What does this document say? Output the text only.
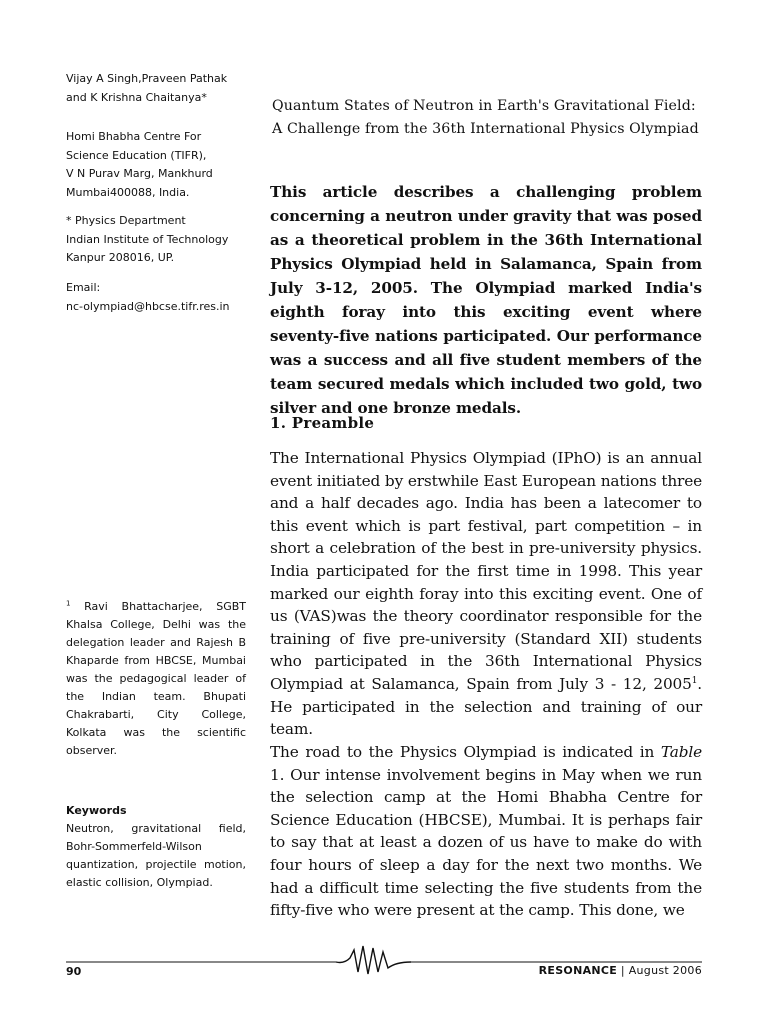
Vijay A Singh,Praveen Pathak

and K Krishna Chaitanya*

Homi Bhabha Centre For

Science Education (TIFR),

V N Purav Marg, Mankhurd

Mumbai400088, India.

* Physics Department

Indian Institute of Technology

Kanpur 208016, UP.

Email:

nc-olympiad@hbcse.tifr.res.in

$^1$ Ravi Bhattacharjee, SGBT Khalsa College, Delhi was the delegation leader and Rajesh B Khaparde from HBCSE, Mumbai was the pedagogical leader of the Indian team. Bhupati Chakrabarti, City College, Kolkata was the scientific observer.

Keywords

Neutron, gravitational field, Bohr-Sommerfeld-Wilson quantization, projectile motion, elastic collision, Olympiad.

Quantum States of Neutron in Earth's Gravitational Field:

A Challenge from the 36th International Physics Olympiad

This article describes a challenging problem concerning a neutron under gravity that was posed as a theoretical problem in the 36th International Physics Olympiad held in Salamanca, Spain from July 3-12, 2005. The Olympiad marked India's eighth foray into this exciting event where seventy-five nations participated. Our performance was a success and all five student members of the team secured medals which included two gold, two silver and one bronze medals.

1. Preamble

The International Physics Olympiad (IPhO) is an annual event initiated by erstwhile East European nations three and a half decades ago. India has been a latecomer to this event which is part festival, part competition – in short a celebration of the best in pre-university physics. India participated for the first time in 1998. This year marked our eighth foray into this exciting event. One of us (VAS)was the theory coordinator responsible for the training of five pre-university (Standard XII) students who participated in the 36th International Physics Olympiad at Salamanca, Spain from July 3 - 12, 2005$^1$. He participated in the selection and training of our team.

The road to the Physics Olympiad is indicated in Table 1. Our intense involvement begins in May when we run the selection camp at the Homi Bhabha Centre for Science Education (HBCSE), Mumbai. It is perhaps fair to say that at least a dozen of us have to make do with four hours of sleep a day for the next two months. We had a difficult time selecting the five students from the fifty-five who were present at the camp. This done, we

90	RESONANCE | August 2006
